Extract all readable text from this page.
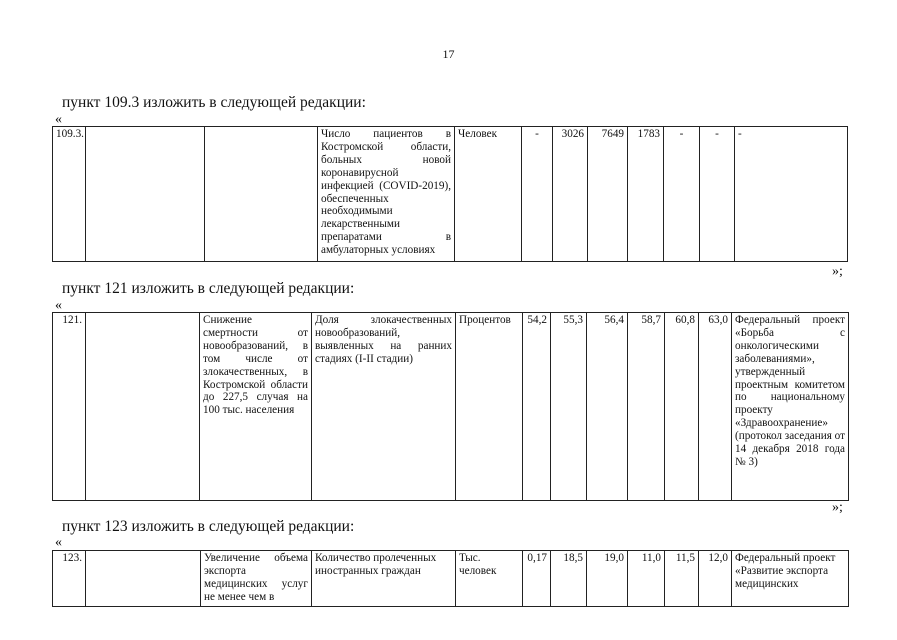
17
пункт 109.3 изложить в следующей редакции:
«
109.3.			Число пациентов в Костромской области, больных новой коронавирусной инфекцией (COVID-2019), обеспеченных необходимыми лекарственными препаратами в амбулаторных условиях	Человек	-	3026	7649	1783	-	-	-
»;
пункт 121 изложить в следующей редакции:
«
121.		Снижение смертности от новообразований, в том числе от злокачественных, в Костромской области до 227,5 случая на 100 тыс. населения	Доля злокачественных новообразований, выявленных на ранних стадиях (I-II стадии)	Процентов	54,2	55,3	56,4	58,7	60,8	63,0	Федеральный проект «Борьба с онкологическими заболеваниями», утвержденный проектным комитетом по национальному проекту «Здравоохранение» (протокол заседания от 14 декабря 2018 года № 3)
»;
пункт 123 изложить в следующей редакции:
«
123.		Увеличение объема экспорта медицинских услуг не менее чем в	Количество пролеченных иностранных граждан	Тыс. человек	0,17	18,5	19,0	11,0	11,5	12,0	Федеральный проект «Развитие экспорта медицинских
